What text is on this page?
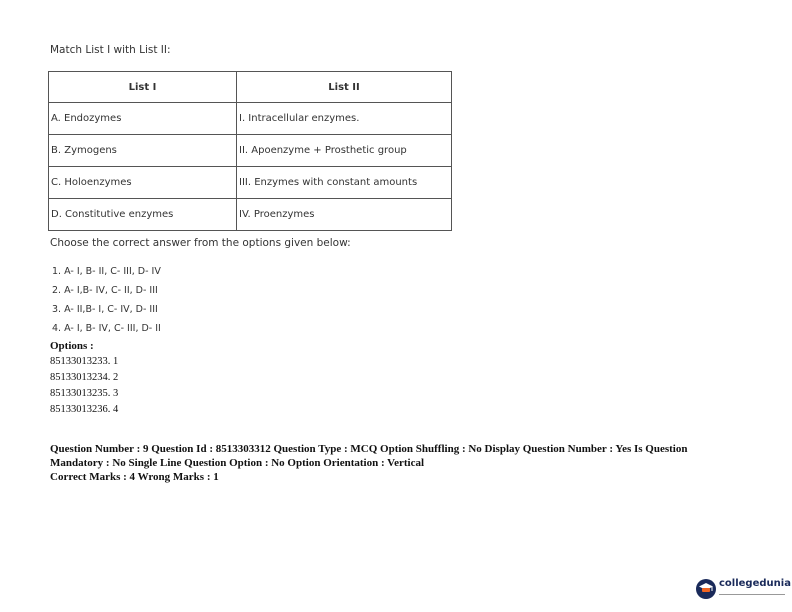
Match List I with List II:
List I	List II
A. Endozymes	I. Intracellular enzymes.
B. Zymogens	II. Apoenzyme + Prosthetic group
C. Holoenzymes	III. Enzymes with constant amounts
D. Constitutive enzymes	IV. Proenzymes
Choose the correct answer from the options given below:
1. A- I, B- II, C- III, D- IV
2. A- I,B- IV, C- II, D- III
3. A- II,B- I, C- IV, D- III
4. A- I, B- IV, C- III, D- II
Options :
85133013233. 1
85133013234. 2
85133013235. 3
85133013236. 4
Question Number : 9 Question Id : 8513303312 Question Type : MCQ Option Shuffling : No Display Question Number : Yes Is Question
Mandatory : No Single Line Question Option : No Option Orientation : Vertical
Correct Marks : 4 Wrong Marks : 1
collegedunia
